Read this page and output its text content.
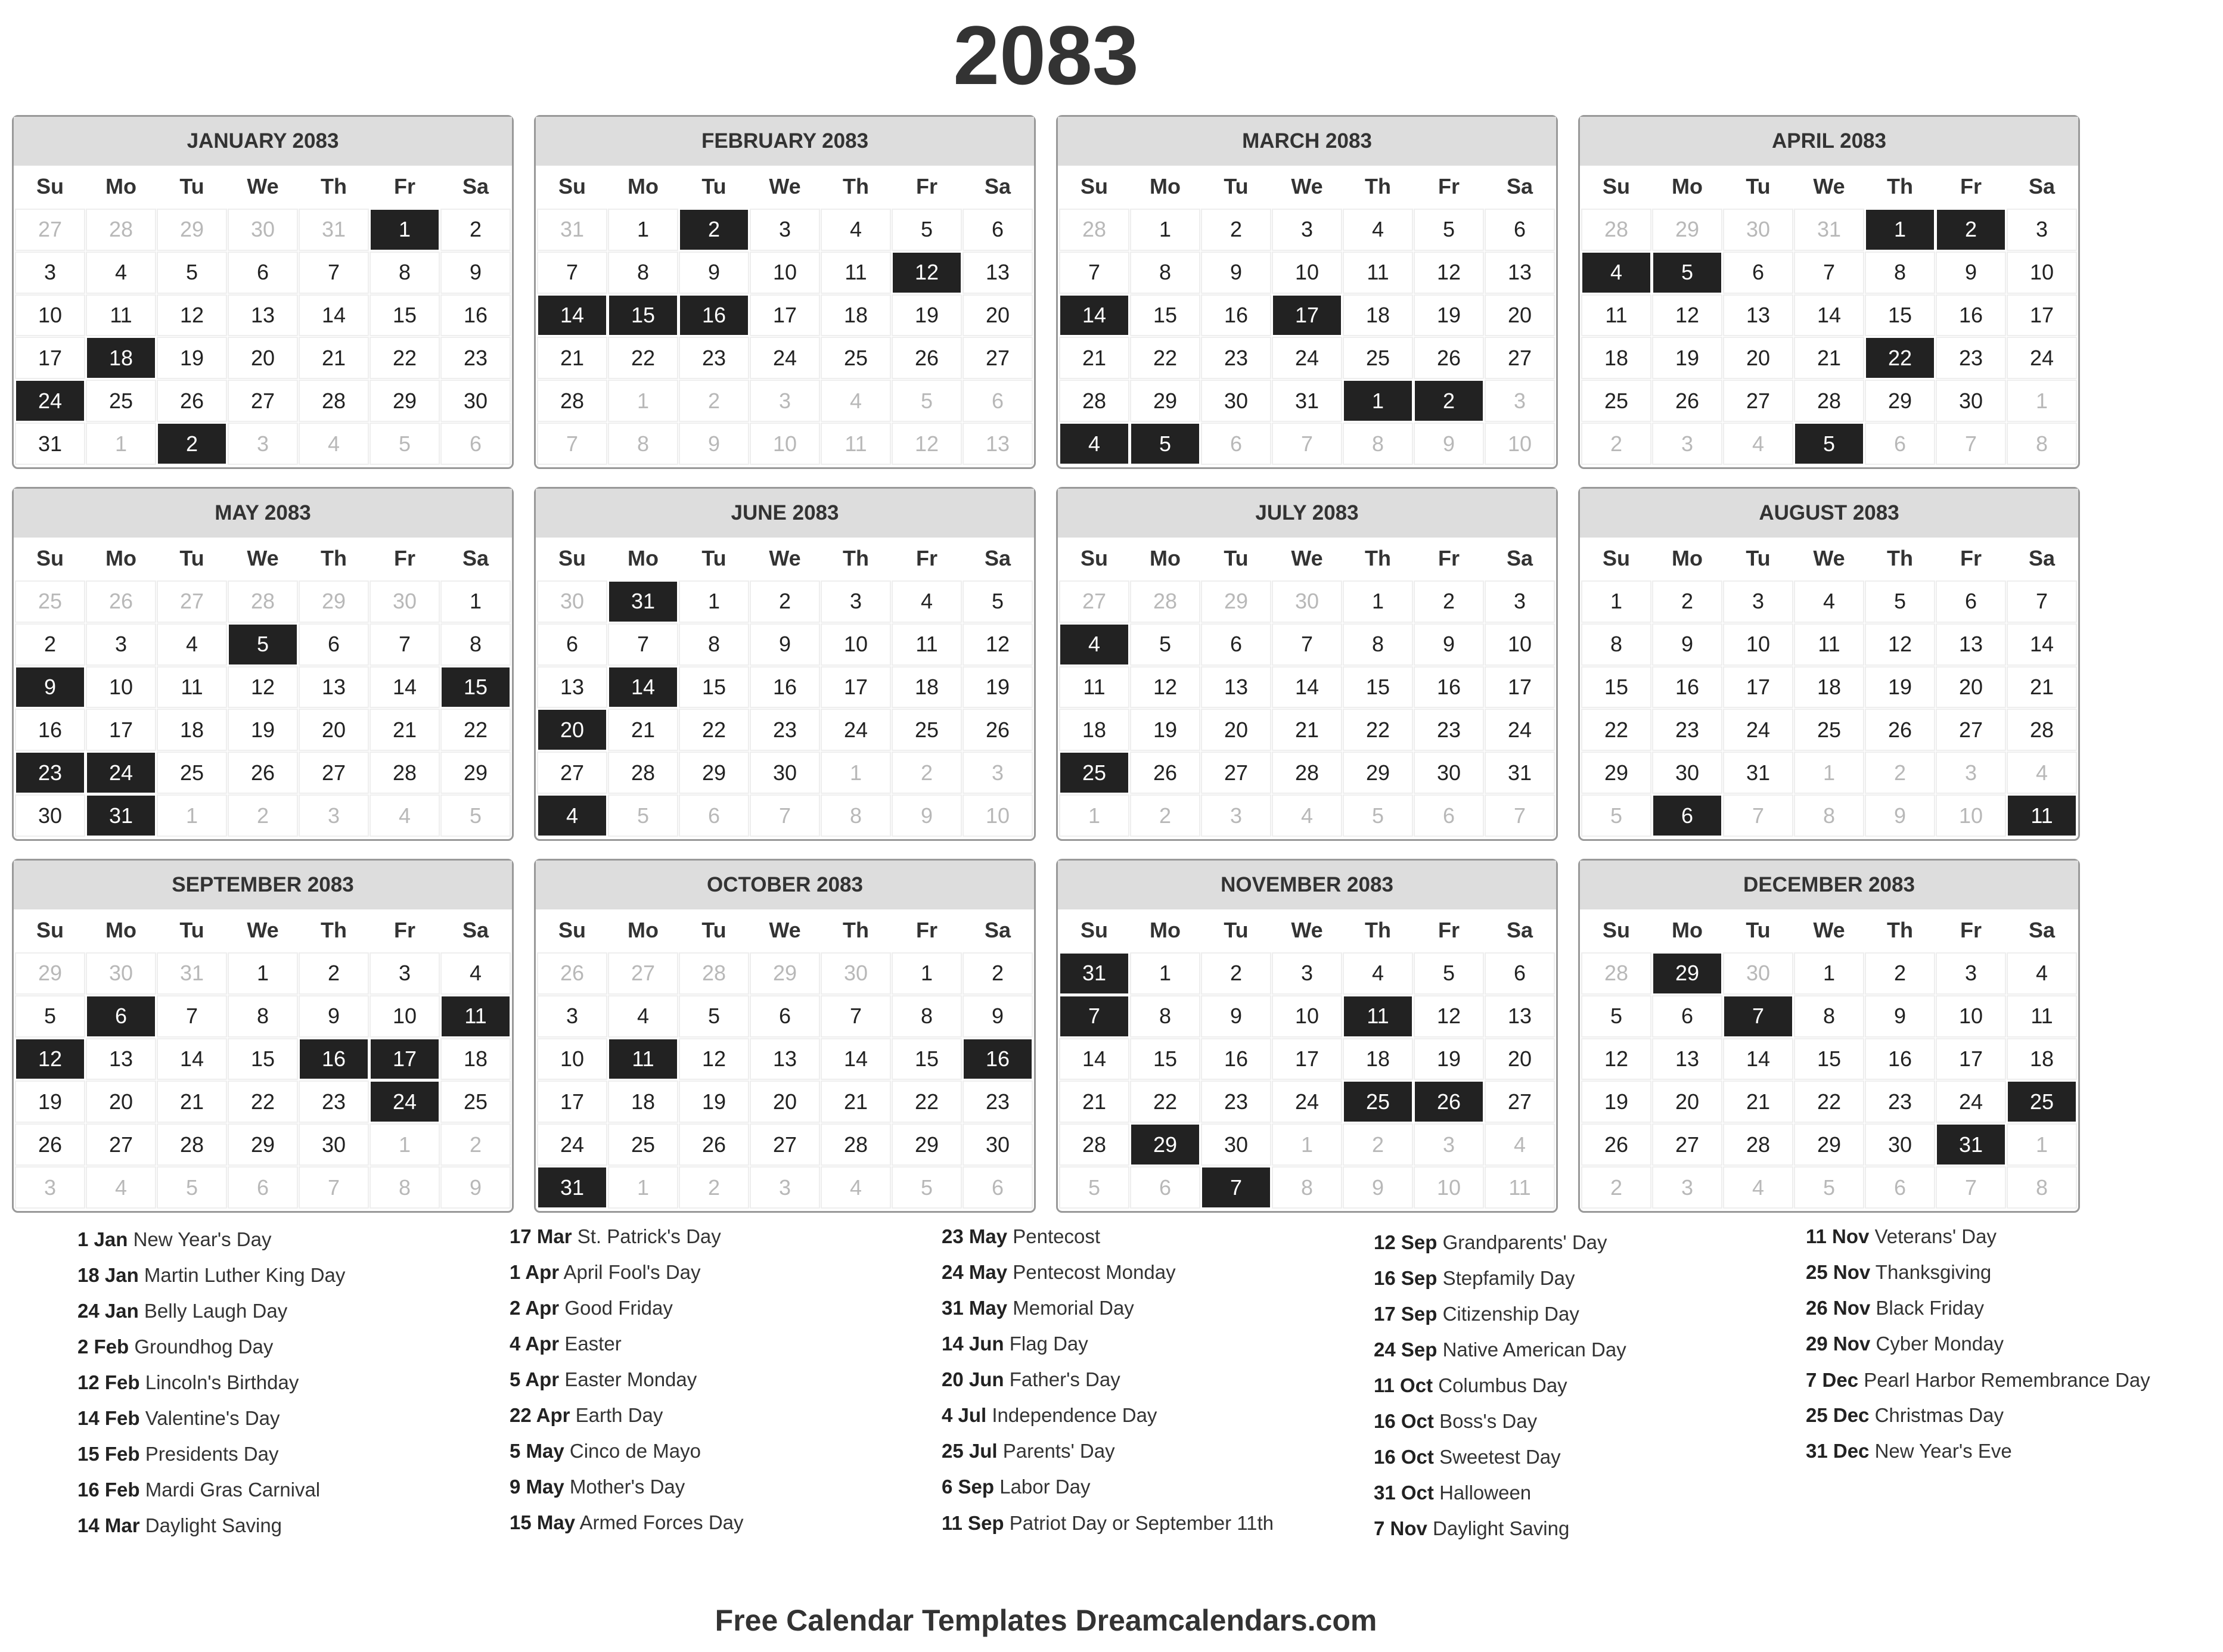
2083
JANUARY 2083
Su	Mo	Tu	We	Th	Fr	Sa
27	28	29	30	31	1	2
3	4	5	6	7	8	9
10	11	12	13	14	15	16
17	18	19	20	21	22	23
24	25	26	27	28	29	30
31	1	2	3	4	5	6
FEBRUARY 2083
Su	Mo	Tu	We	Th	Fr	Sa
31	1	2	3	4	5	6
7	8	9	10	11	12	13
14	15	16	17	18	19	20
21	22	23	24	25	26	27
28	1	2	3	4	5	6
7	8	9	10	11	12	13
MARCH 2083
Su	Mo	Tu	We	Th	Fr	Sa
28	1	2	3	4	5	6
7	8	9	10	11	12	13
14	15	16	17	18	19	20
21	22	23	24	25	26	27
28	29	30	31	1	2	3
4	5	6	7	8	9	10
APRIL 2083
Su	Mo	Tu	We	Th	Fr	Sa
28	29	30	31	1	2	3
4	5	6	7	8	9	10
11	12	13	14	15	16	17
18	19	20	21	22	23	24
25	26	27	28	29	30	1
2	3	4	5	6	7	8
MAY 2083
Su	Mo	Tu	We	Th	Fr	Sa
25	26	27	28	29	30	1
2	3	4	5	6	7	8
9	10	11	12	13	14	15
16	17	18	19	20	21	22
23	24	25	26	27	28	29
30	31	1	2	3	4	5
JUNE 2083
Su	Mo	Tu	We	Th	Fr	Sa
30	31	1	2	3	4	5
6	7	8	9	10	11	12
13	14	15	16	17	18	19
20	21	22	23	24	25	26
27	28	29	30	1	2	3
4	5	6	7	8	9	10
JULY 2083
Su	Mo	Tu	We	Th	Fr	Sa
27	28	29	30	1	2	3
4	5	6	7	8	9	10
11	12	13	14	15	16	17
18	19	20	21	22	23	24
25	26	27	28	29	30	31
1	2	3	4	5	6	7
AUGUST 2083
Su	Mo	Tu	We	Th	Fr	Sa
1	2	3	4	5	6	7
8	9	10	11	12	13	14
15	16	17	18	19	20	21
22	23	24	25	26	27	28
29	30	31	1	2	3	4
5	6	7	8	9	10	11
SEPTEMBER 2083
Su	Mo	Tu	We	Th	Fr	Sa
29	30	31	1	2	3	4
5	6	7	8	9	10	11
12	13	14	15	16	17	18
19	20	21	22	23	24	25
26	27	28	29	30	1	2
3	4	5	6	7	8	9
OCTOBER 2083
Su	Mo	Tu	We	Th	Fr	Sa
26	27	28	29	30	1	2
3	4	5	6	7	8	9
10	11	12	13	14	15	16
17	18	19	20	21	22	23
24	25	26	27	28	29	30
31	1	2	3	4	5	6
NOVEMBER 2083
Su	Mo	Tu	We	Th	Fr	Sa
31	1	2	3	4	5	6
7	8	9	10	11	12	13
14	15	16	17	18	19	20
21	22	23	24	25	26	27
28	29	30	1	2	3	4
5	6	7	8	9	10	11
DECEMBER 2083
Su	Mo	Tu	We	Th	Fr	Sa
28	29	30	1	2	3	4
5	6	7	8	9	10	11
12	13	14	15	16	17	18
19	20	21	22	23	24	25
26	27	28	29	30	31	1
2	3	4	5	6	7	8
1 Jan New Year's Day
18 Jan Martin Luther King Day
24 Jan Belly Laugh Day
2 Feb Groundhog Day
12 Feb Lincoln's Birthday
14 Feb Valentine's Day
15 Feb Presidents Day
16 Feb Mardi Gras Carnival
14 Mar Daylight Saving
17 Mar St. Patrick's Day
1 Apr April Fool's Day
2 Apr Good Friday
4 Apr Easter
5 Apr Easter Monday
22 Apr Earth Day
5 May Cinco de Mayo
9 May Mother's Day
15 May Armed Forces Day
23 May Pentecost
24 May Pentecost Monday
31 May Memorial Day
14 Jun Flag Day
20 Jun Father's Day
4 Jul Independence Day
25 Jul Parents' Day
6 Sep Labor Day
11 Sep Patriot Day or September 11th
12 Sep Grandparents' Day
16 Sep Stepfamily Day
17 Sep Citizenship Day
24 Sep Native American Day
11 Oct Columbus Day
16 Oct Boss's Day
16 Oct Sweetest Day
31 Oct Halloween
7 Nov Daylight Saving
11 Nov Veterans' Day
25 Nov Thanksgiving
26 Nov Black Friday
29 Nov Cyber Monday
7 Dec Pearl Harbor Remembrance Day
25 Dec Christmas Day
31 Dec New Year's Eve
Free Calendar Templates Dreamcalendars.com
